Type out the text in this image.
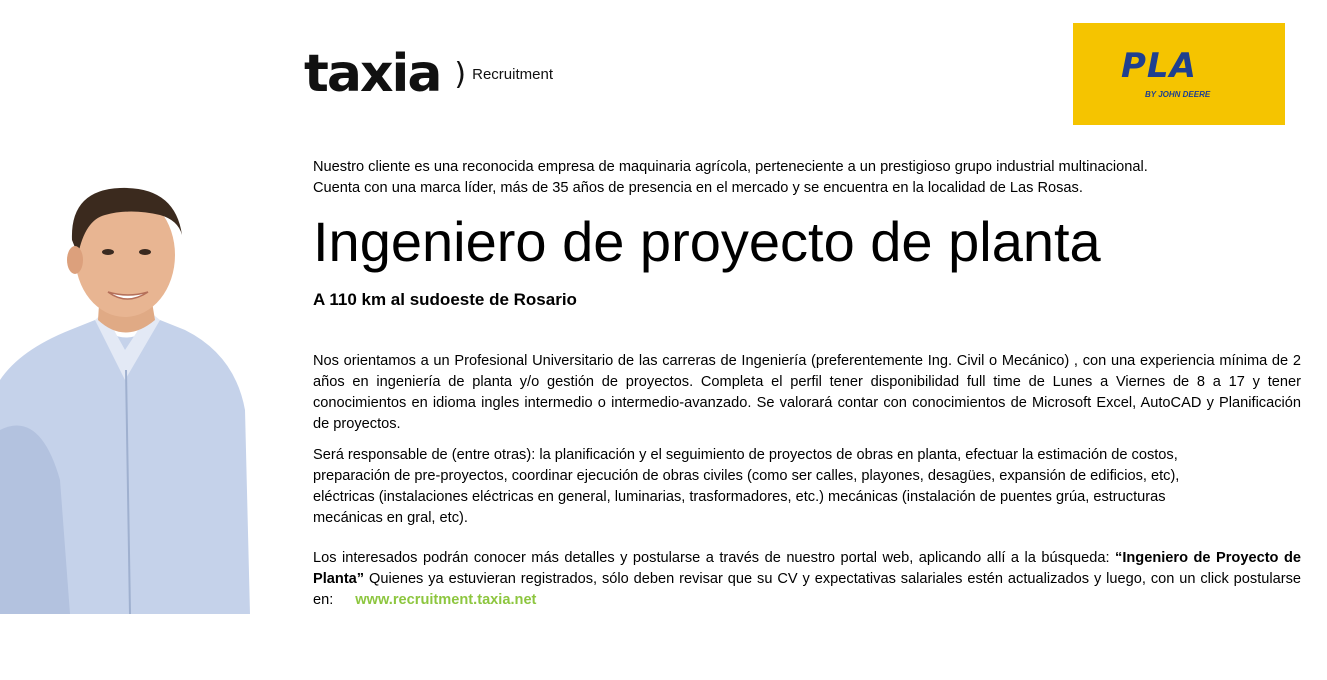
taxia ) Recruitment	PLA
BY JOHN DEERE
Nuestro cliente es una reconocida empresa de maquinaria agrícola, perteneciente a un prestigioso grupo industrial multinacional.
Cuenta con una marca líder, más de 35 años de presencia en el mercado y se encuentra en la localidad de Las Rosas.
Ingeniero de proyecto de planta
A 110 km al sudoeste de Rosario
Nos orientamos a un Profesional Universitario de las carreras de Ingeniería (preferentemente Ing. Civil o Mecánico) , con una experiencia mínima de 2 años en ingeniería de planta y/o gestión de proyectos. Completa el perfil tener disponibilidad full time de Lunes a Viernes de 8 a 17 y tener conocimientos en idioma ingles intermedio o intermedio-avanzado. Se valorará contar con conocimientos de Microsoft Excel, AutoCAD y Planificación de proyectos.
Será responsable de (entre otras): la planificación y el seguimiento de proyectos de obras en planta, efectuar la estimación de costos,
preparación de pre-proyectos, coordinar ejecución de obras civiles (como ser calles, playones, desagües, expansión de edificios, etc),
eléctricas (instalaciones eléctricas en general, luminarias, trasformadores, etc.) mecánicas (instalación de puentes grúa, estructuras
mecánicas en gral, etc).
Los interesados podrán conocer más detalles y postularse a través de nuestro portal web, aplicando allí a la búsqueda: “Ingeniero de Proyecto de Planta” Quienes ya estuvieran registrados, sólo deben revisar que su CV y expectativas salariales estén actualizados y luego, con un click postularse en: www.recruitment.taxia.net
